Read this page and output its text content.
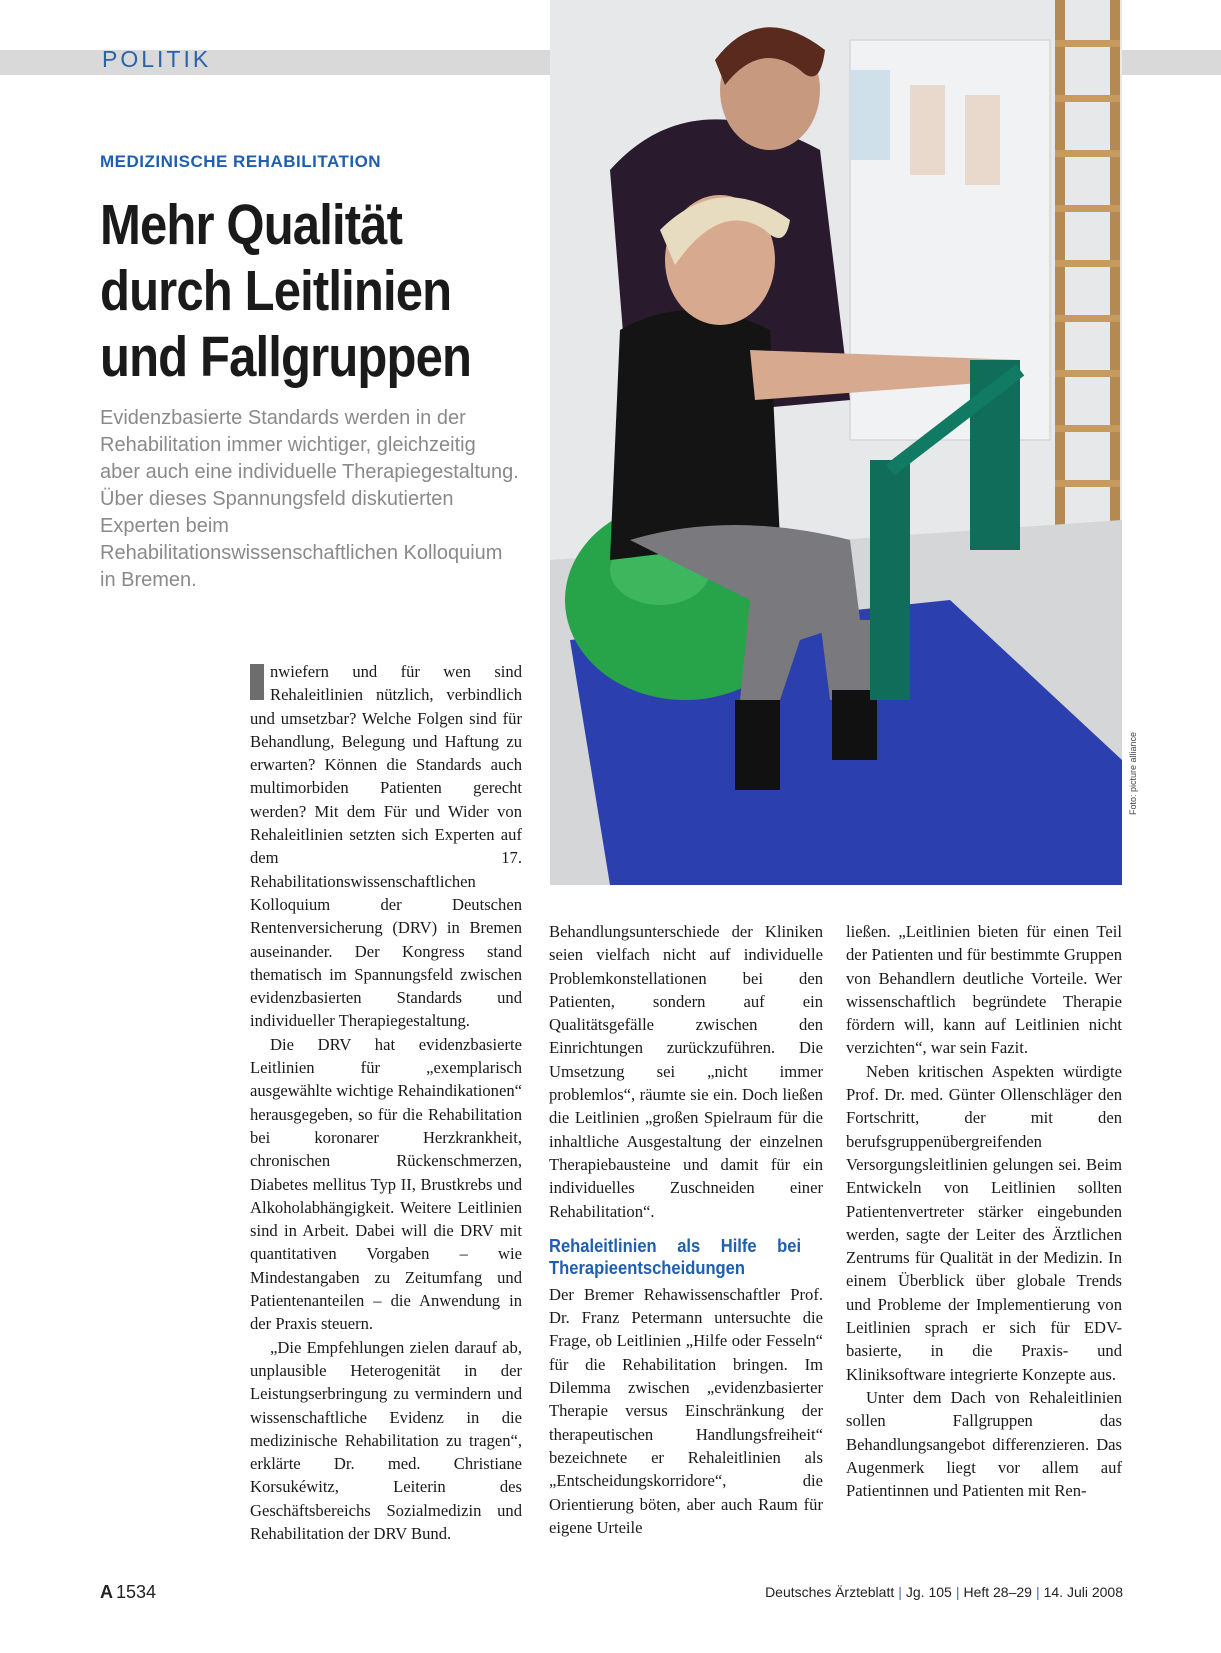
POLITIK
MEDIZINISCHE REHABILITATION
Mehr Qualität
durch Leitlinien
und Fallgruppen
Evidenzbasierte Standards werden in der Rehabilitation immer wichtiger, gleichzeitig aber auch eine individuelle Therapiegestaltung. Über dieses Spannungsfeld diskutierten Experten beim Rehabilitationswissenschaftlichen Kolloquium in Bremen.
Foto: picture alliance

nwiefern und für wen sind Rehaleitlinien nützlich, verbindlich und umsetzbar? Welche Folgen sind für Behandlung, Belegung und Haftung zu erwarten? Können die Standards auch multimorbiden Patienten gerecht werden? Mit dem Für und Wider von Rehaleitlinien setzten sich Experten auf dem 17. Rehabilitationswissenschaftlichen Kolloquium der Deutschen Rentenversicherung (DRV) in Bremen auseinander. Der Kongress stand thematisch im Spannungsfeld zwischen evidenzbasierten Standards und individueller Therapiegestaltung.

Die DRV hat evidenzbasierte Leitlinien für „exemplarisch ausgewählte wichtige Rehaindikationen“ herausgegeben, so für die Rehabilitation bei koronarer Herzkrankheit, chronischen Rückenschmerzen, Diabetes mellitus Typ II, Brustkrebs und Alkoholabhängigkeit. Weitere Leitlinien sind in Arbeit. Dabei will die DRV mit quantitativen Vorgaben – wie Mindestangaben zu Zeitumfang und Patientenanteilen – die Anwendung in der Praxis steuern.

„Die Empfehlungen zielen darauf ab, unplausible Heterogenität in der Leistungserbringung zu vermindern und wissenschaftliche Evidenz in die medizinische Rehabilitation zu tragen“, erklärte Dr. med. Christiane Korsukéwitz, Leiterin des Geschäftsbereichs Sozialmedizin und Rehabilitation der DRV Bund.

Behandlungsunterschiede der Kliniken seien vielfach nicht auf individuelle Problemkonstellationen bei den Patienten, sondern auf ein Qualitätsgefälle zwischen den Einrichtungen zurückzuführen. Die Umsetzung sei „nicht immer problemlos“, räumte sie ein. Doch ließen die Leitlinien „großen Spielraum für die inhaltliche Ausgestaltung der einzelnen Therapiebausteine und damit für ein individuelles Zuschneiden einer Rehabilitation“.

Rehaleitlinien als Hilfe bei Therapieentscheidungen

Der Bremer Rehawissenschaftler Prof. Dr. Franz Petermann untersuchte die Frage, ob Leitlinien „Hilfe oder Fesseln“ für die Rehabilitation bringen. Im Dilemma zwischen „evidenzbasierter Therapie versus Einschränkung der therapeutischen Handlungsfreiheit“ bezeichnete er Rehaleitlinien als „Entscheidungskorridore“, die Orientierung böten, aber auch Raum für eigene Urteile

ließen. „Leitlinien bieten für einen Teil der Patienten und für bestimmte Gruppen von Behandlern deutliche Vorteile. Wer wissenschaftlich begründete Therapie fördern will, kann auf Leitlinien nicht verzichten“, war sein Fazit.

Neben kritischen Aspekten würdigte Prof. Dr. med. Günter Ollenschläger den Fortschritt, der mit den berufsgruppenübergreifenden Versorgungsleitlinien gelungen sei. Beim Entwickeln von Leitlinien sollten Patientenvertreter stärker eingebunden werden, sagte der Leiter des Ärztlichen Zentrums für Qualität in der Medizin. In einem Überblick über globale Trends und Probleme der Implementierung von Leitlinien sprach er sich für EDV-basierte, in die Praxis- und Kliniksoftware integrierte Konzepte aus.

Unter dem Dach von Rehaleitlinien sollen Fallgruppen das Behandlungsangebot differenzieren. Das Augenmerk liegt vor allem auf Patientinnen und Patienten mit Ren-

A 1534	Deutsches Ärzteblatt | Jg. 105 | Heft 28–29 | 14. Juli 2008
